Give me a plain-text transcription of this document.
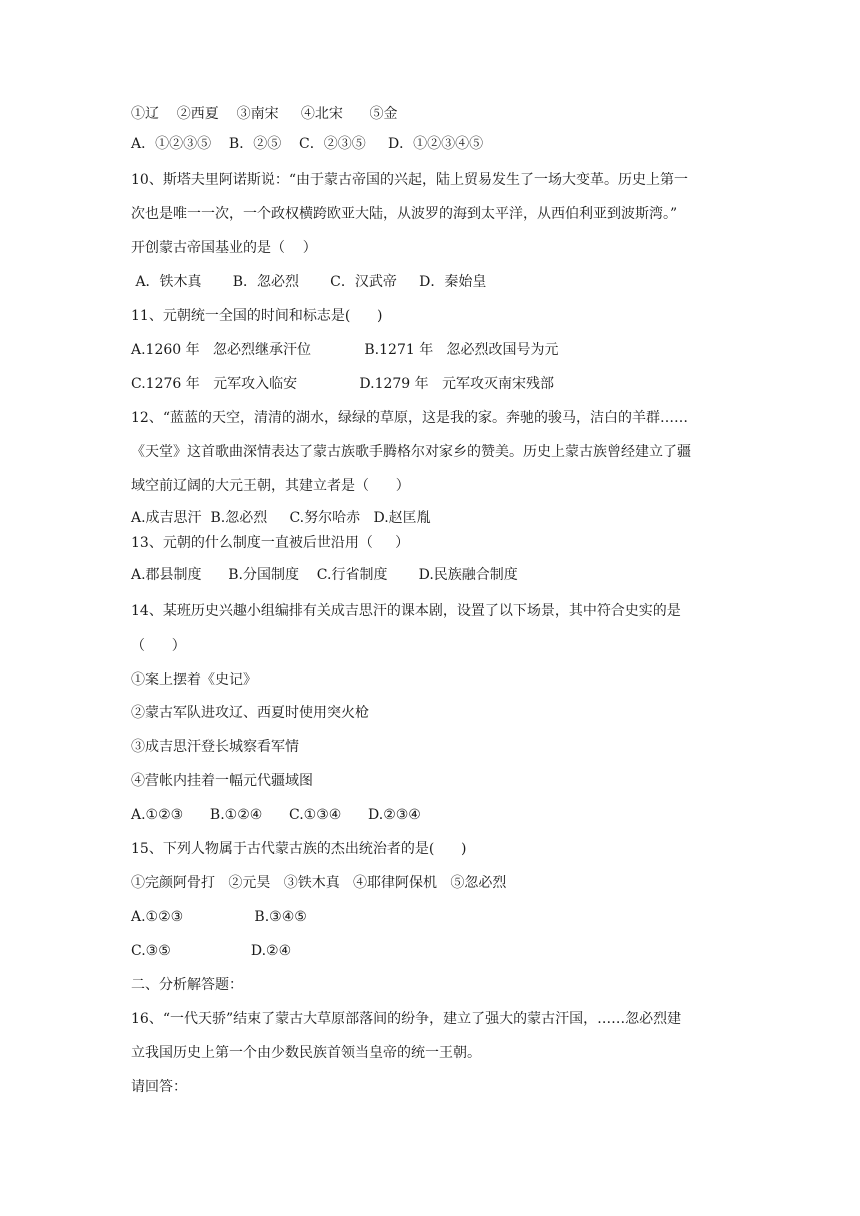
①辽    ②西夏    ③南宋     ④北宋      ⑤金
A．①②③⑤    B．②⑤    C．②③⑤     D．①②③④⑤
10、斯塔夫里阿诺斯说：“由于蒙古帝国的兴起，陆上贸易发生了一场大变革。历史上第一
次也是唯一一次，一个政权横跨欧亚大陆，从波罗的海到太平洋，从西伯利亚到波斯湾。”
开创蒙古帝国基业的是（    ）
A．铁木真       B．忽必烈       C．汉武帝     D．秦始皇
11、元朝统一全国的时间和标志是(      )
A.1260 年   忽必烈继承汗位            B.1271 年   忽必烈改国号为元
C.1276 年   元军攻入临安              D.1279 年   元军攻灭南宋残部
12、“蓝蓝的天空，清清的湖水，绿绿的草原，这是我的家。奔驰的骏马，洁白的羊群……
《天堂》这首歌曲深情表达了蒙古族歌手腾格尔对家乡的赞美。历史上蒙古族曾经建立了疆
域空前辽阔的大元王朝，其建立者是（      ）
A.成吉思汗  B.忽必烈     C.努尔哈赤   D.赵匡胤
13、元朝的什么制度一直被后世沿用（     ）
A.郡县制度      B.分国制度    C.行省制度       D.民族融合制度
14、某班历史兴趣小组编排有关成吉思汗的课本剧，设置了以下场景，其中符合史实的是
（      ）
①案上摆着《史记》
②蒙古军队进攻辽、西夏时使用突火枪
③成吉思汗登长城察看军情
④营帐内挂着一幅元代疆域图
A.①②③      B.①②④      C.①③④      D.②③④
15、下列人物属于古代蒙古族的杰出统治者的是(      )
①完颜阿骨打   ②元昊   ③铁木真   ④耶律阿保机   ⑤忽必烈
A.①②③                B.③④⑤
C.③⑤                  D.②④
二、分析解答题：
16、“一代天骄”结束了蒙古大草原部落间的纷争，建立了强大的蒙古汗国，……忽必烈建
立我国历史上第一个由少数民族首领当皇帝的统一王朝。
请回答：
